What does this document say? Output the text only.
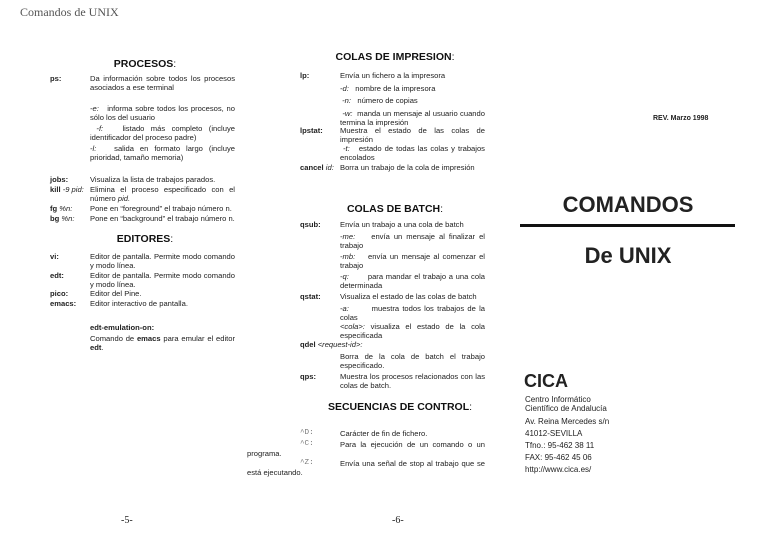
Comandos de UNIX
PROCESOS:
ps:	Da información sobre todos los procesos asociados a ese terminal
-e: informa sobre todos los procesos, no sólo los del usuario
-f:	listado más completo (incluye identificador del proceso padre)
-l: salida en formato largo (incluye prioridad, tamaño memoria)
jobs:	Visualiza la lista de trabajos parados.
kill -9 pid: Elimina el proceso especificado con el número pid.
fg %n: Pone en “foreground” el trabajo número n.
bg %n: Pone en “background” el trabajo número n.
EDITORES:
vi:	Editor de pantalla. Permite modo comando y modo línea.
edt:	Editor de pantalla. Permite modo comando y modo línea.
pico:	Editor del Pine.
emacs: Editor interactivo de pantalla.
edt-emulation-on:
Comando de emacs para emular el editor edt.
COLAS DE IMPRESION:
lp:	Envía un fichero a la impresora
-d: nombre de la impresora
-n: número de copias
-w: manda un mensaje al usuario cuando termina la impresión
lpstat: Muestra el estado de las colas de impresión
-t: estado de todas las colas y trabajos encolados
cancel id: Borra un trabajo de la cola de impresión
COLAS DE BATCH:
qsub:	Envía un trabajo a una cola de batch
-me: envía un mensaje al finalizar el trabajo
-mb: envía un mensaje al comenzar el trabajo
-q: para mandar el trabajo a una cola determinada
qstat:	Visualiza el estado de las colas de batch
-a:	muestra todos los trabajos de la colas
<cola>: visualiza el estado de la cola especificada
qdel <request-id>:
Borra de la cola de batch el trabajo especificado.
qps:	Muestra los procesos relacionados con las colas de batch.
SECUENCIAS DE CONTROL:
^D:	Carácter de fin de fichero.
^C:	Para la ejecución de un comando o un
programa.
^Z:	Envía una señal de stop al trabajo que se
está ejecutando.
REV. Marzo 1998
COMANDOS
De UNIX
CICA
Centro Informático
Científico de Andalucía
Av. Reina Mercedes s/n
41012-SEVILLA
Tfno.: 95-462 38 11
FAX: 95-462 45 06
http://www.cica.es/
-5-	-6-
